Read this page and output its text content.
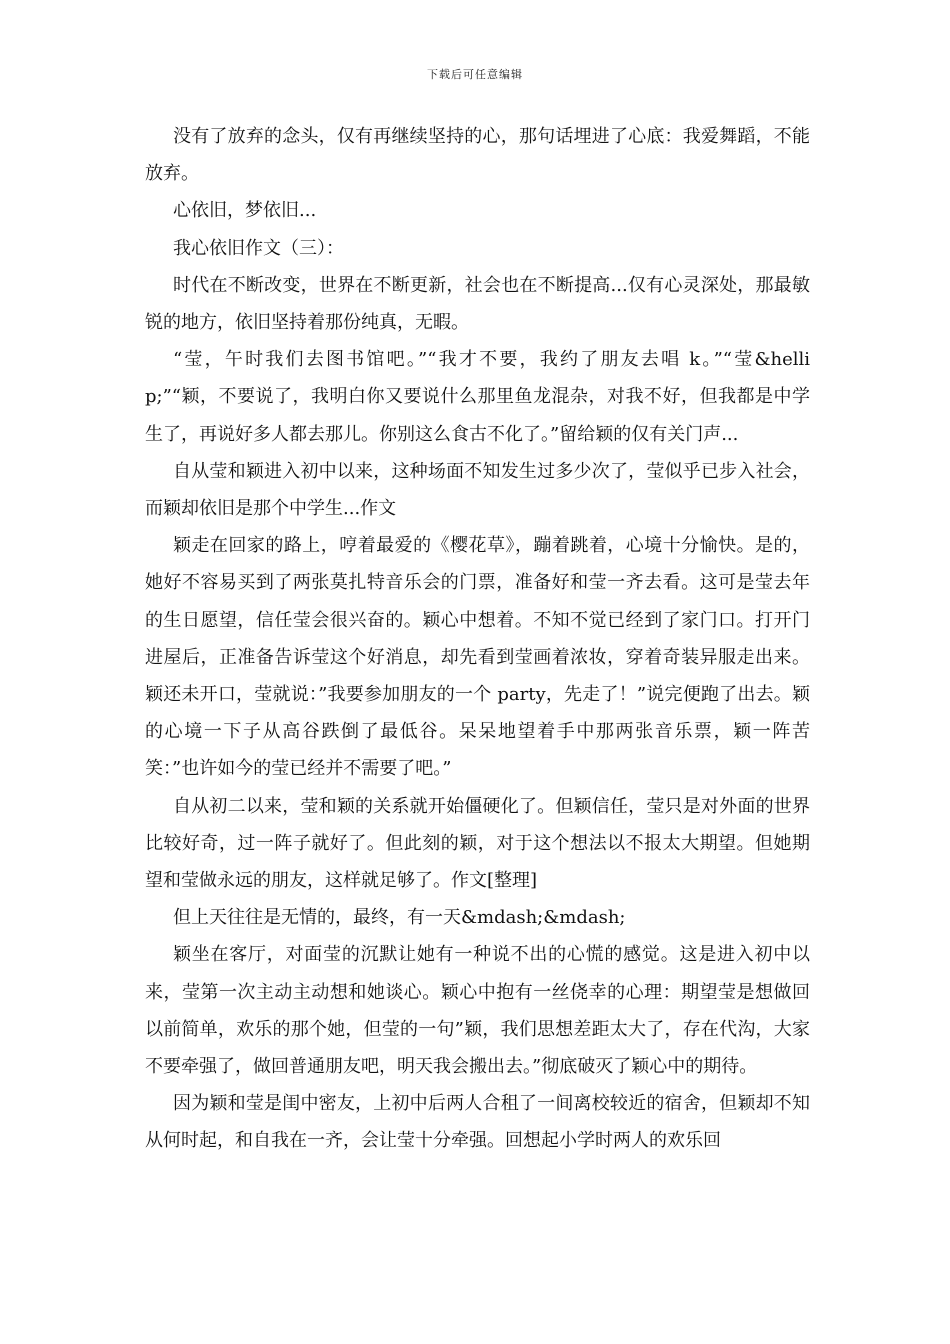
下载后可任意编辑

没有了放弃的念头，仅有再继续坚持的心，那句话埋进了心底：我爱舞蹈，不能放弃。

心依旧，梦依旧...

我心依旧作文（三）：

时代在不断改变，世界在不断更新，社会也在不断提高...仅有心灵深处，那最敏锐的地方，依旧坚持着那份纯真，无暇。

“莹，午时我们去图书馆吧。”“我才不要，我约了朋友去唱 k。”“莹&hellip;”“颖，不要说了，我明白你又要说什么那里鱼龙混杂，对我不好，但我都是中学生了，再说好多人都去那儿。你别这么食古不化了。”留给颖的仅有关门声...

自从莹和颖进入初中以来，这种场面不知发生过多少次了，莹似乎已步入社会，而颖却依旧是那个中学生...作文

颖走在回家的路上，哼着最爱的《樱花草》，蹦着跳着，心境十分愉快。是的，她好不容易买到了两张莫扎特音乐会的门票，准备好和莹一齐去看。这可是莹去年的生日愿望，信任莹会很兴奋的。颖心中想着。不知不觉已经到了家门口。打开门进屋后，正准备告诉莹这个好消息，却先看到莹画着浓妆，穿着奇装异服走出来。颖还未开口，莹就说：”我要参加朋友的一个 party，先走了！”说完便跑了出去。颖的心境一下子从高谷跌倒了最低谷。呆呆地望着手中那两张音乐票，颖一阵苦笑：”也许如今的莹已经并不需要了吧。”

自从初二以来，莹和颖的关系就开始僵硬化了。但颖信任，莹只是对外面的世界比较好奇，过一阵子就好了。但此刻的颖，对于这个想法以不报太大期望。但她期望和莹做永远的朋友，这样就足够了。作文[整理]

但上天往往是无情的，最终，有一天&mdash;&mdash;

颖坐在客厅，对面莹的沉默让她有一种说不出的心慌的感觉。这是进入初中以来，莹第一次主动主动想和她谈心。颖心中抱有一丝侥幸的心理：期望莹是想做回以前简单，欢乐的那个她，但莹的一句”颖，我们思想差距太大了，存在代沟，大家不要牵强了，做回普通朋友吧，明天我会搬出去。”彻底破灭了颖心中的期待。

因为颖和莹是闺中密友，上初中后两人合租了一间离校较近的宿舍，但颖却不知从何时起，和自我在一齐，会让莹十分牵强。回想起小学时两人的欢乐回
